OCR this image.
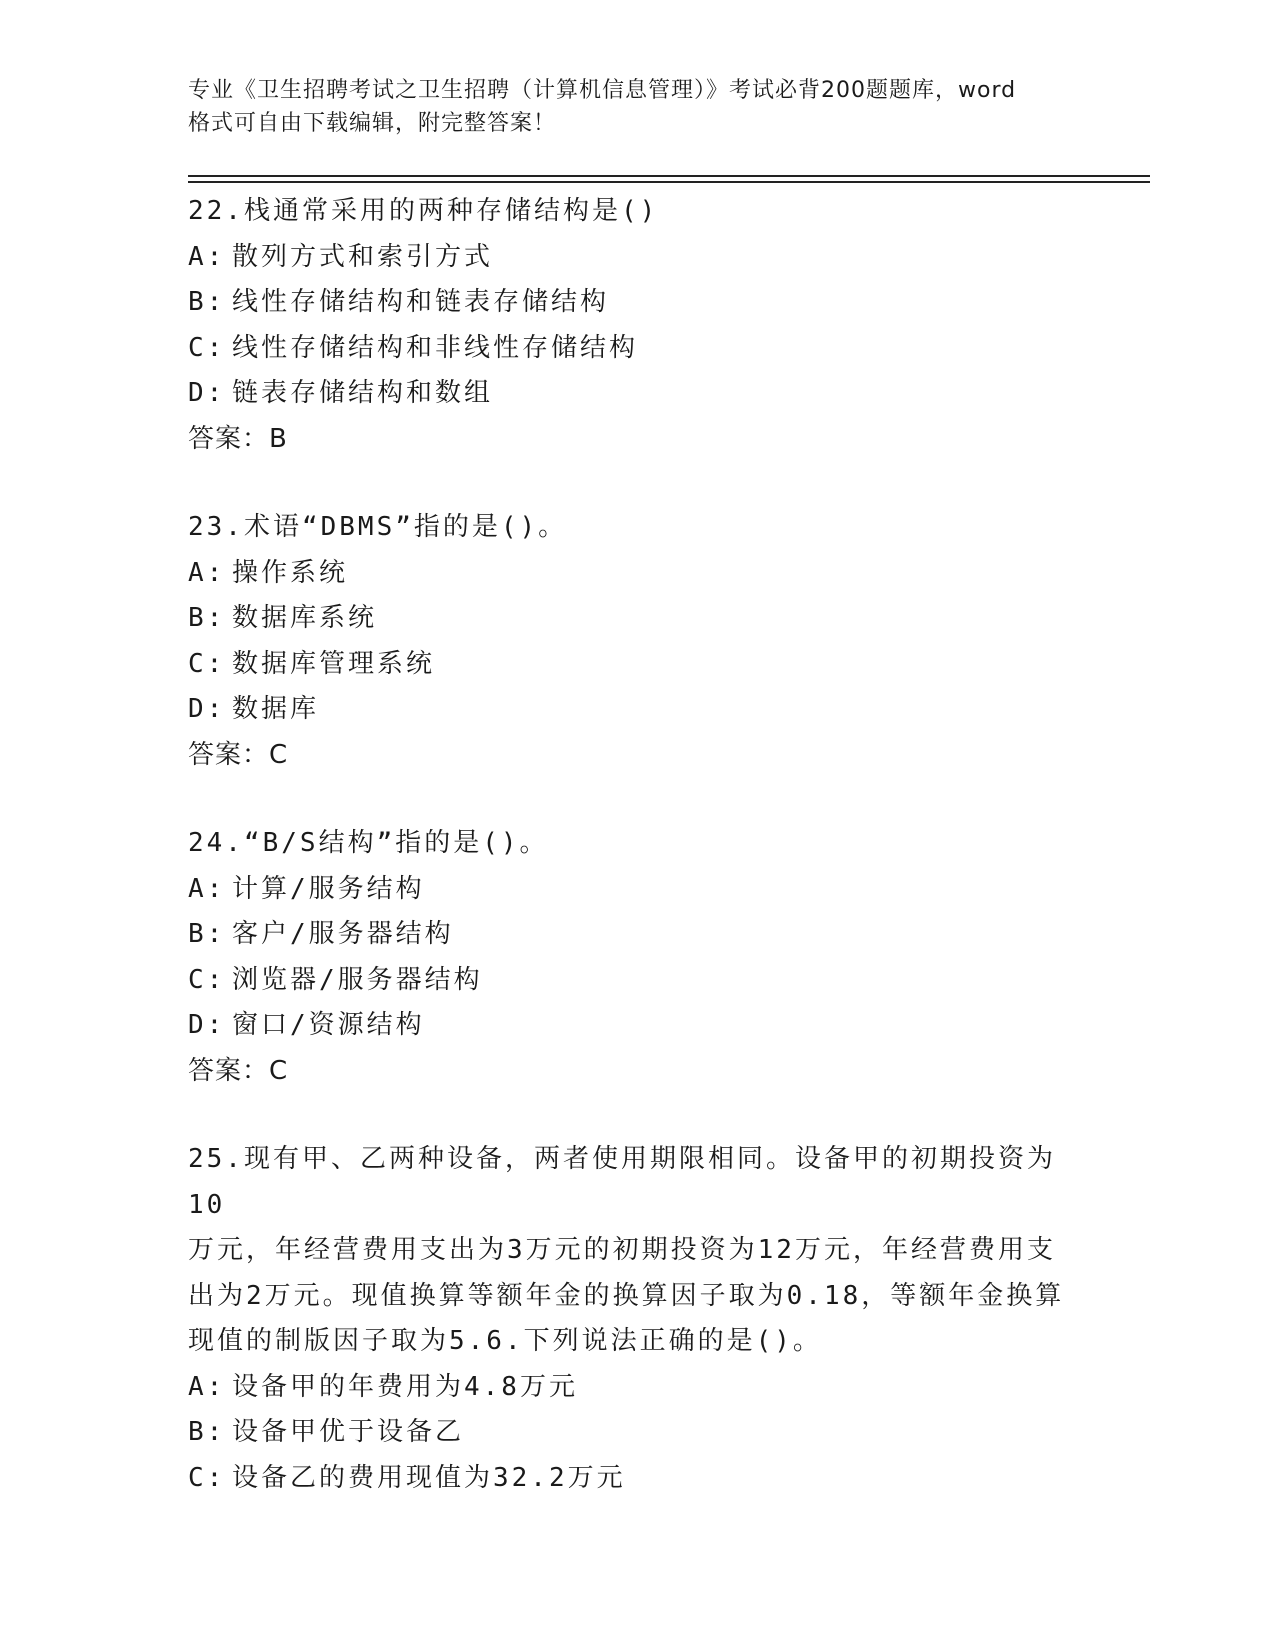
专业《卫生招聘考试之卫生招聘（计算机信息管理）》考试必背200题题库，word
格式可自由下载编辑，附完整答案！
22.栈通常采用的两种存储结构是()
A: 散列方式和索引方式
B: 线性存储结构和链表存储结构
C: 线性存储结构和非线性存储结构
D: 链表存储结构和数组
答案：B
23.术语“DBMS”指的是()。
A: 操作系统
B: 数据库系统
C: 数据库管理系统
D: 数据库
答案：C
24.“B/S结构”指的是()。
A: 计算/服务结构
B: 客户/服务器结构
C: 浏览器/服务器结构
D: 窗口/资源结构
答案：C
25.现有甲、乙两种设备，两者使用期限相同。设备甲的初期投资为10
万元，年经营费用支出为3万元的初期投资为12万元，年经营费用支
出为2万元。现值换算等额年金的换算因子取为0.18，等额年金换算
现值的制版因子取为5.6.下列说法正确的是()。
A: 设备甲的年费用为4.8万元
B: 设备甲优于设备乙
C: 设备乙的费用现值为32.2万元
